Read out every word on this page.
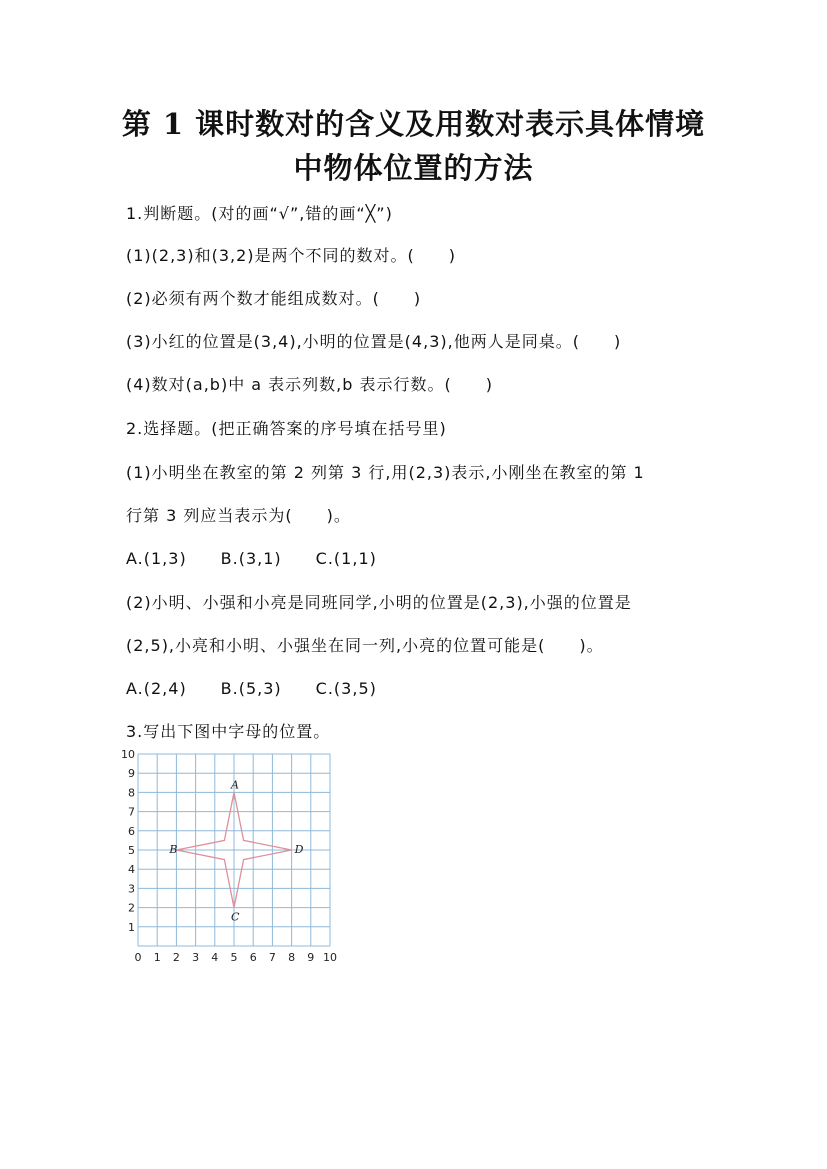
第 1 课时数对的含义及用数对表示具体情境
中物体位置的方法
1.判断题。(对的画“√”,错的画“╳”)
(1)(2,3)和(3,2)是两个不同的数对。(　　)
(2)必须有两个数才能组成数对。(　　)
(3)小红的位置是(3,4),小明的位置是(4,3),他两人是同桌。(　　)
(4)数对(a,b)中 a 表示列数,b 表示行数。(　　)
2.选择题。(把正确答案的序号填在括号里)
(1)小明坐在教室的第 2 列第 3 行,用(2,3)表示,小刚坐在教室的第 1
行第 3 列应当表示为(　　)。
A.(1,3)　　B.(3,1)　　C.(1,1)
(2)小明、小强和小亮是同班同学,小明的位置是(2,3),小强的位置是
(2,5),小亮和小明、小强坐在同一列,小亮的位置可能是(　　)。
A.(2,4)　　B.(5,3)　　C.(3,5)
3.写出下图中字母的位置。
0 1 2 3 4 5 6 7 8 9 10
1
2
3
4
5
6
7
8
9
10
A
B
C
D
